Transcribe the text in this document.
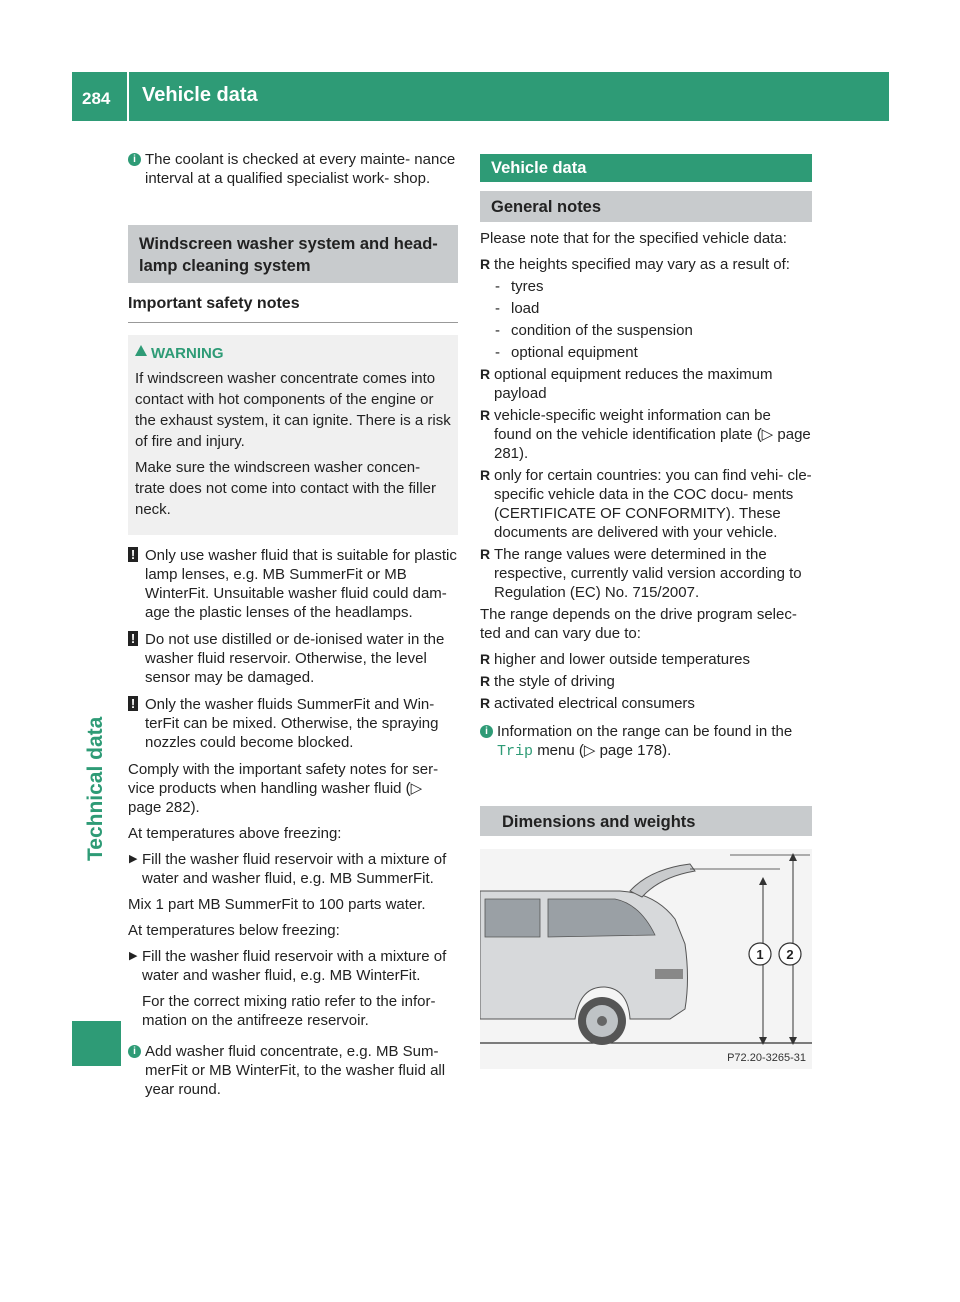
284 Vehicle data
Technical data
i The coolant is checked at every mainte- nance interval at a qualified specialist work- shop.
Windscreen washer system and head- lamp cleaning system
Important safety notes
WARNING

If windscreen washer concentrate comes into contact with hot components of the engine or the exhaust system, it can ignite. There is a risk of fire and injury.

Make sure the windscreen washer concen- trate does not come into contact with the filler neck.

! Only use washer fluid that is suitable for plastic lamp lenses, e.g. MB SummerFit or MB WinterFit. Unsuitable washer fluid could dam- age the plastic lenses of the headlamps.
! Do not use distilled or de-ionised water in the washer fluid reservoir. Otherwise, the level sensor may be damaged.
! Only the washer fluids SummerFit and Win- terFit can be mixed. Otherwise, the spraying nozzles could become blocked.

Comply with the important safety notes for ser- vice products when handling washer fluid (▷ page 282).

At temperatures above freezing:

▶ Fill the washer fluid reservoir with a mixture of water and washer fluid, e.g. MB SummerFit.

Mix 1 part MB SummerFit to 100 parts water.

At temperatures below freezing:

▶ Fill the washer fluid reservoir with a mixture of water and washer fluid, e.g. MB WinterFit.

For the correct mixing ratio refer to the infor- mation on the antifreeze reservoir.

i Add washer fluid concentrate, e.g. MB Sum- merFit or MB WinterFit, to the washer fluid all year round.
Vehicle data
General notes

Please note that for the specified vehicle data:

R the heights specified may vary as a result of:
- tyres
- load
- condition of the suspension
- optional equipment
R optional equipment reduces the maximum payload
R vehicle-specific weight information can be found on the vehicle identification plate (▷ page 281).
R only for certain countries: you can find vehi- cle-specific vehicle data in the COC docu- ments (CERTIFICATE OF CONFORMITY). These documents are delivered with your vehicle.
R The range values were determined in the respective, currently valid version according to Regulation (EC) No. 715/2007.

The range depends on the drive program selec- ted and can vary due to:

R higher and lower outside temperatures
R the style of driving
R activated electrical consumers
i Information on the range can be found in the Trip menu (▷ page 178).
Dimensions and weights
1 2
P72.20-3265-31
